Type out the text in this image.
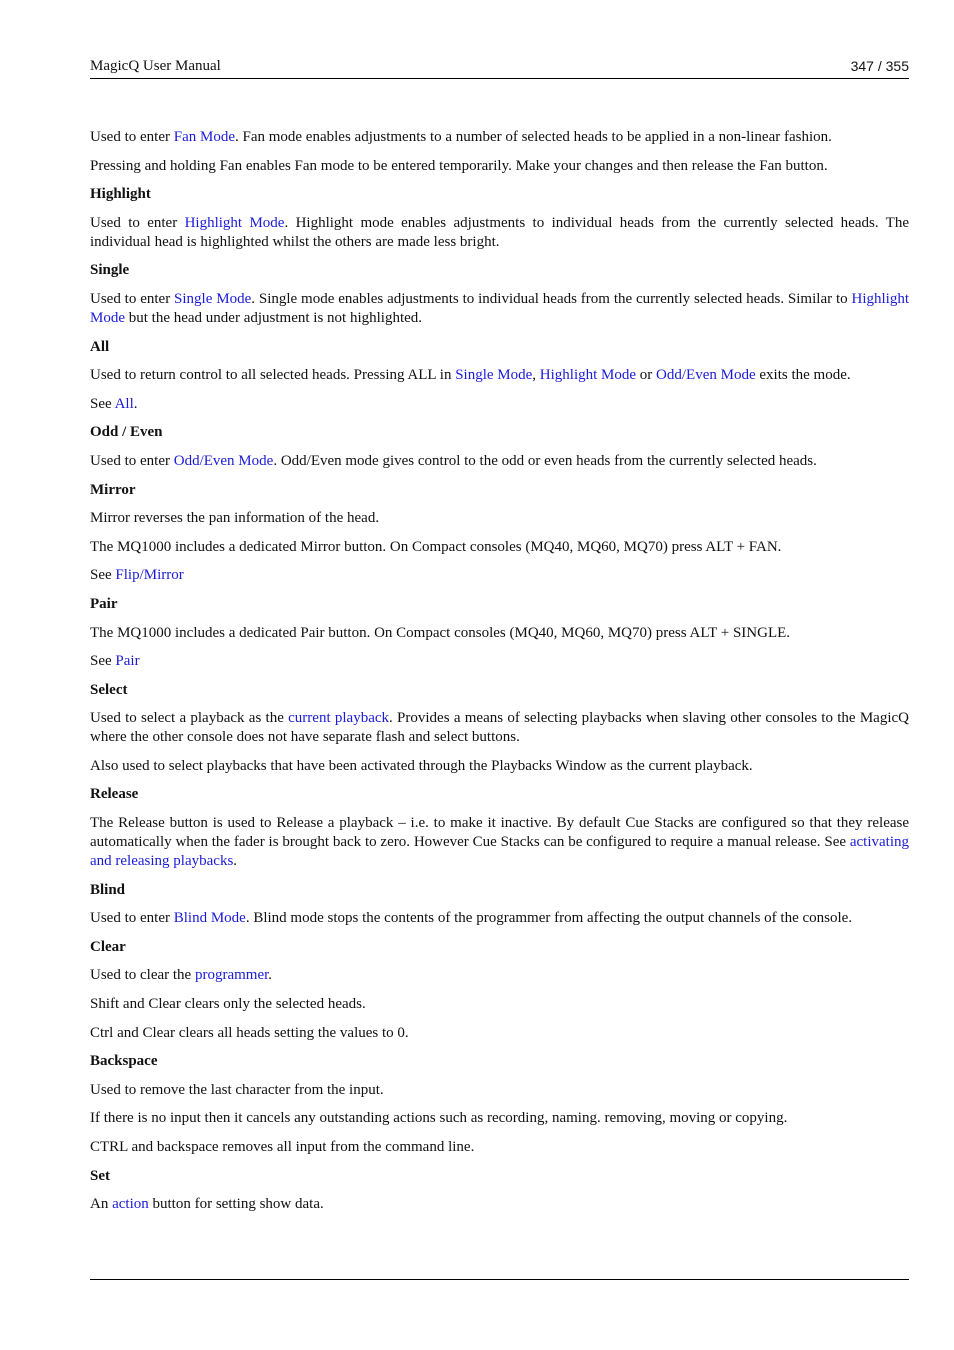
MagicQ User Manual	347 / 355

Used to enter Fan Mode. Fan mode enables adjustments to a number of selected heads to be applied in a non-linear fashion.

Pressing and holding Fan enables Fan mode to be entered temporarily. Make your changes and then release the Fan button.

Highlight

Used to enter Highlight Mode. Highlight mode enables adjustments to individual heads from the currently selected heads. The individual head is highlighted whilst the others are made less bright.

Single

Used to enter Single Mode. Single mode enables adjustments to individual heads from the currently selected heads. Similar to Highlight Mode but the head under adjustment is not highlighted.

All

Used to return control to all selected heads. Pressing ALL in Single Mode, Highlight Mode or Odd/Even Mode exits the mode.

See All.

Odd / Even

Used to enter Odd/Even Mode. Odd/Even mode gives control to the odd or even heads from the currently selected heads.

Mirror

Mirror reverses the pan information of the head.

The MQ1000 includes a dedicated Mirror button. On Compact consoles (MQ40, MQ60, MQ70) press ALT + FAN.

See Flip/Mirror

Pair

The MQ1000 includes a dedicated Pair button. On Compact consoles (MQ40, MQ60, MQ70) press ALT + SINGLE.

See Pair

Select

Used to select a playback as the current playback. Provides a means of selecting playbacks when slaving other consoles to the MagicQ where the other console does not have separate flash and select buttons.

Also used to select playbacks that have been activated through the Playbacks Window as the current playback.

Release

The Release button is used to Release a playback – i.e. to make it inactive. By default Cue Stacks are configured so that they release automatically when the fader is brought back to zero. However Cue Stacks can be configured to require a manual release. See activating and releasing playbacks.

Blind

Used to enter Blind Mode. Blind mode stops the contents of the programmer from affecting the output channels of the console.

Clear

Used to clear the programmer.

Shift and Clear clears only the selected heads.

Ctrl and Clear clears all heads setting the values to 0.

Backspace

Used to remove the last character from the input.

If there is no input then it cancels any outstanding actions such as recording, naming. removing, moving or copying.

CTRL and backspace removes all input from the command line.

Set

An action button for setting show data.
